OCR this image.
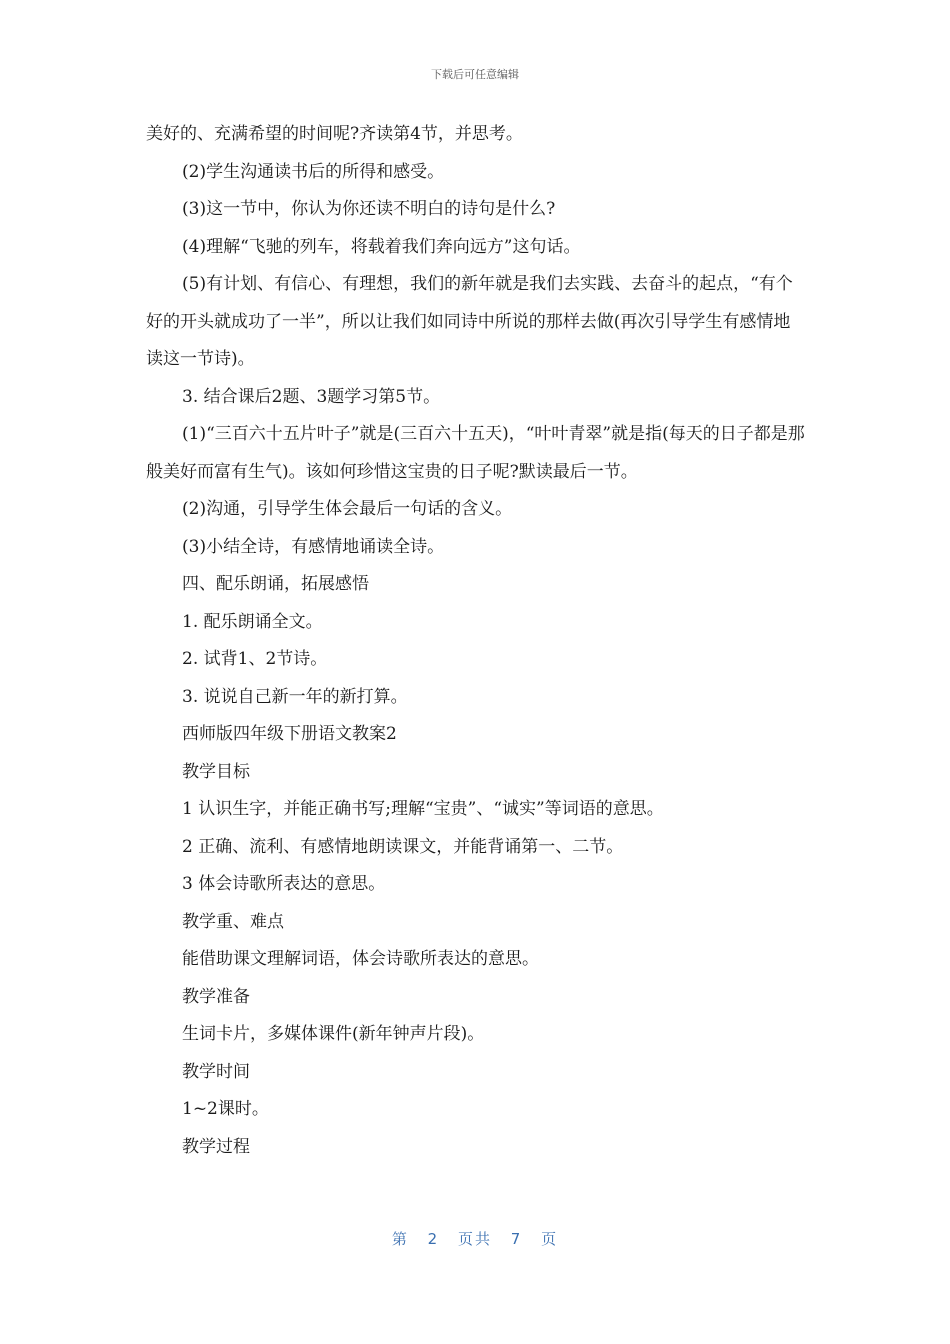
下载后可任意编辑

美好的、充满希望的时间呢?齐读第4节，并思考。

(2)学生沟通读书后的所得和感受。

(3)这一节中，你认为你还读不明白的诗句是什么?

(4)理解“飞驰的列车，将载着我们奔向远方”这句话。

(5)有计划、有信心、有理想，我们的新年就是我们去实践、去奋斗的起点，“有个好的开头就成功了一半”，所以让我们如同诗中所说的那样去做(再次引导学生有感情地读这一节诗)。

3. 结合课后2题、3题学习第5节。

(1)“三百六十五片叶子”就是(三百六十五天)，“叶叶青翠”就是指(每天的日子都是那般美好而富有生气)。该如何珍惜这宝贵的日子呢?默读最后一节。

(2)沟通，引导学生体会最后一句话的含义。

(3)小结全诗，有感情地诵读全诗。

四、配乐朗诵，拓展感悟

1. 配乐朗诵全文。

2. 试背1、2节诗。

3. 说说自己新一年的新打算。

西师版四年级下册语文教案2

教学目标

1 认识生字，并能正确书写;理解“宝贵”、“诚实”等词语的意思。

2 正确、流利、有感情地朗读课文，并能背诵第一、二节。

3 体会诗歌所表达的意思。

教学重、难点

能借助课文理解词语，体会诗歌所表达的意思。

教学准备

生词卡片，多媒体课件(新年钟声片段)。

教学时间

1~2课时。

教学过程

第 2 页共 7 页
